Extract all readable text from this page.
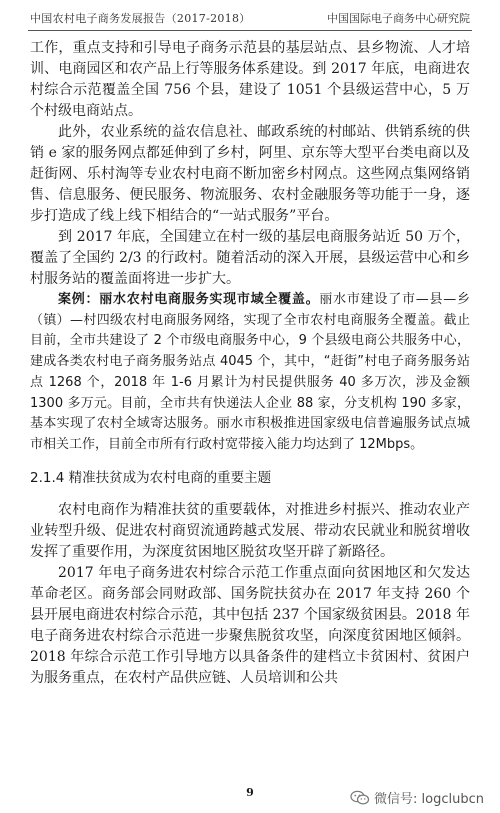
中国农村电子商务发展报告（2017-2018）	中国国际电子商务中心研究院

工作，重点支持和引导电子商务示范县的基层站点、县乡物流、人才培训、电商园区和农产品上行等服务体系建设。到 2017 年底，电商进农村综合示范覆盖全国 756 个县，建设了 1051 个县级运营中心，5 万个村级电商站点。

此外，农业系统的益农信息社、邮政系统的村邮站、供销系统的供销 e 家的服务网点都延伸到了乡村，阿里、京东等大型平台类电商以及赶街网、乐村淘等专业农村电商不断加密乡村网点。这些网点集网络销售、信息服务、便民服务、物流服务、农村金融服务等功能于一身，逐步打造成了线上线下相结合的“一站式服务”平台。

到 2017 年底，全国建立在村一级的基层电商服务站近 50 万个，覆盖了全国约 2/3 的行政村。随着活动的深入开展，县级运营中心和乡村服务站的覆盖面将进一步扩大。

案例：丽水农村电商服务实现市域全覆盖。丽水市建设了市—县—乡（镇）—村四级农村电商服务网络，实现了全市农村电商服务全覆盖。截止目前，全市共建设了 2 个市级电商服务中心，9 个县级电商公共服务中心，建成各类农村电子商务服务站点 4045 个，其中，“赶街”村电子商务服务站点 1268 个，2018 年 1-6 月累计为村民提供服务 40 多万次，涉及金额 1300 多万元。目前，全市共有快递法人企业 88 家，分支机构 190 多家，基本实现了农村全域寄达服务。丽水市积极推进国家级电信普遍服务试点城市相关工作，目前全市所有行政村宽带接入能力均达到了 12Mbps。

2.1.4 精准扶贫成为农村电商的重要主题

农村电商作为精准扶贫的重要载体，对推进乡村振兴、推动农业产业转型升级、促进农村商贸流通跨越式发展、带动农民就业和脱贫增收发挥了重要作用，为深度贫困地区脱贫攻坚开辟了新路径。

2017 年电子商务进农村综合示范工作重点面向贫困地区和欠发达革命老区。商务部会同财政部、国务院扶贫办在 2017 年支持 260 个县开展电商进农村综合示范，其中包括 237 个国家级贫困县。2018 年电子商务进农村综合示范进一步聚焦脱贫攻坚，向深度贫困地区倾斜。2018 年综合示范工作引导地方以具备条件的建档立卡贫困村、贫困户为服务重点，在农村产品供应链、人员培训和公共

9	微信号: logclubcn
